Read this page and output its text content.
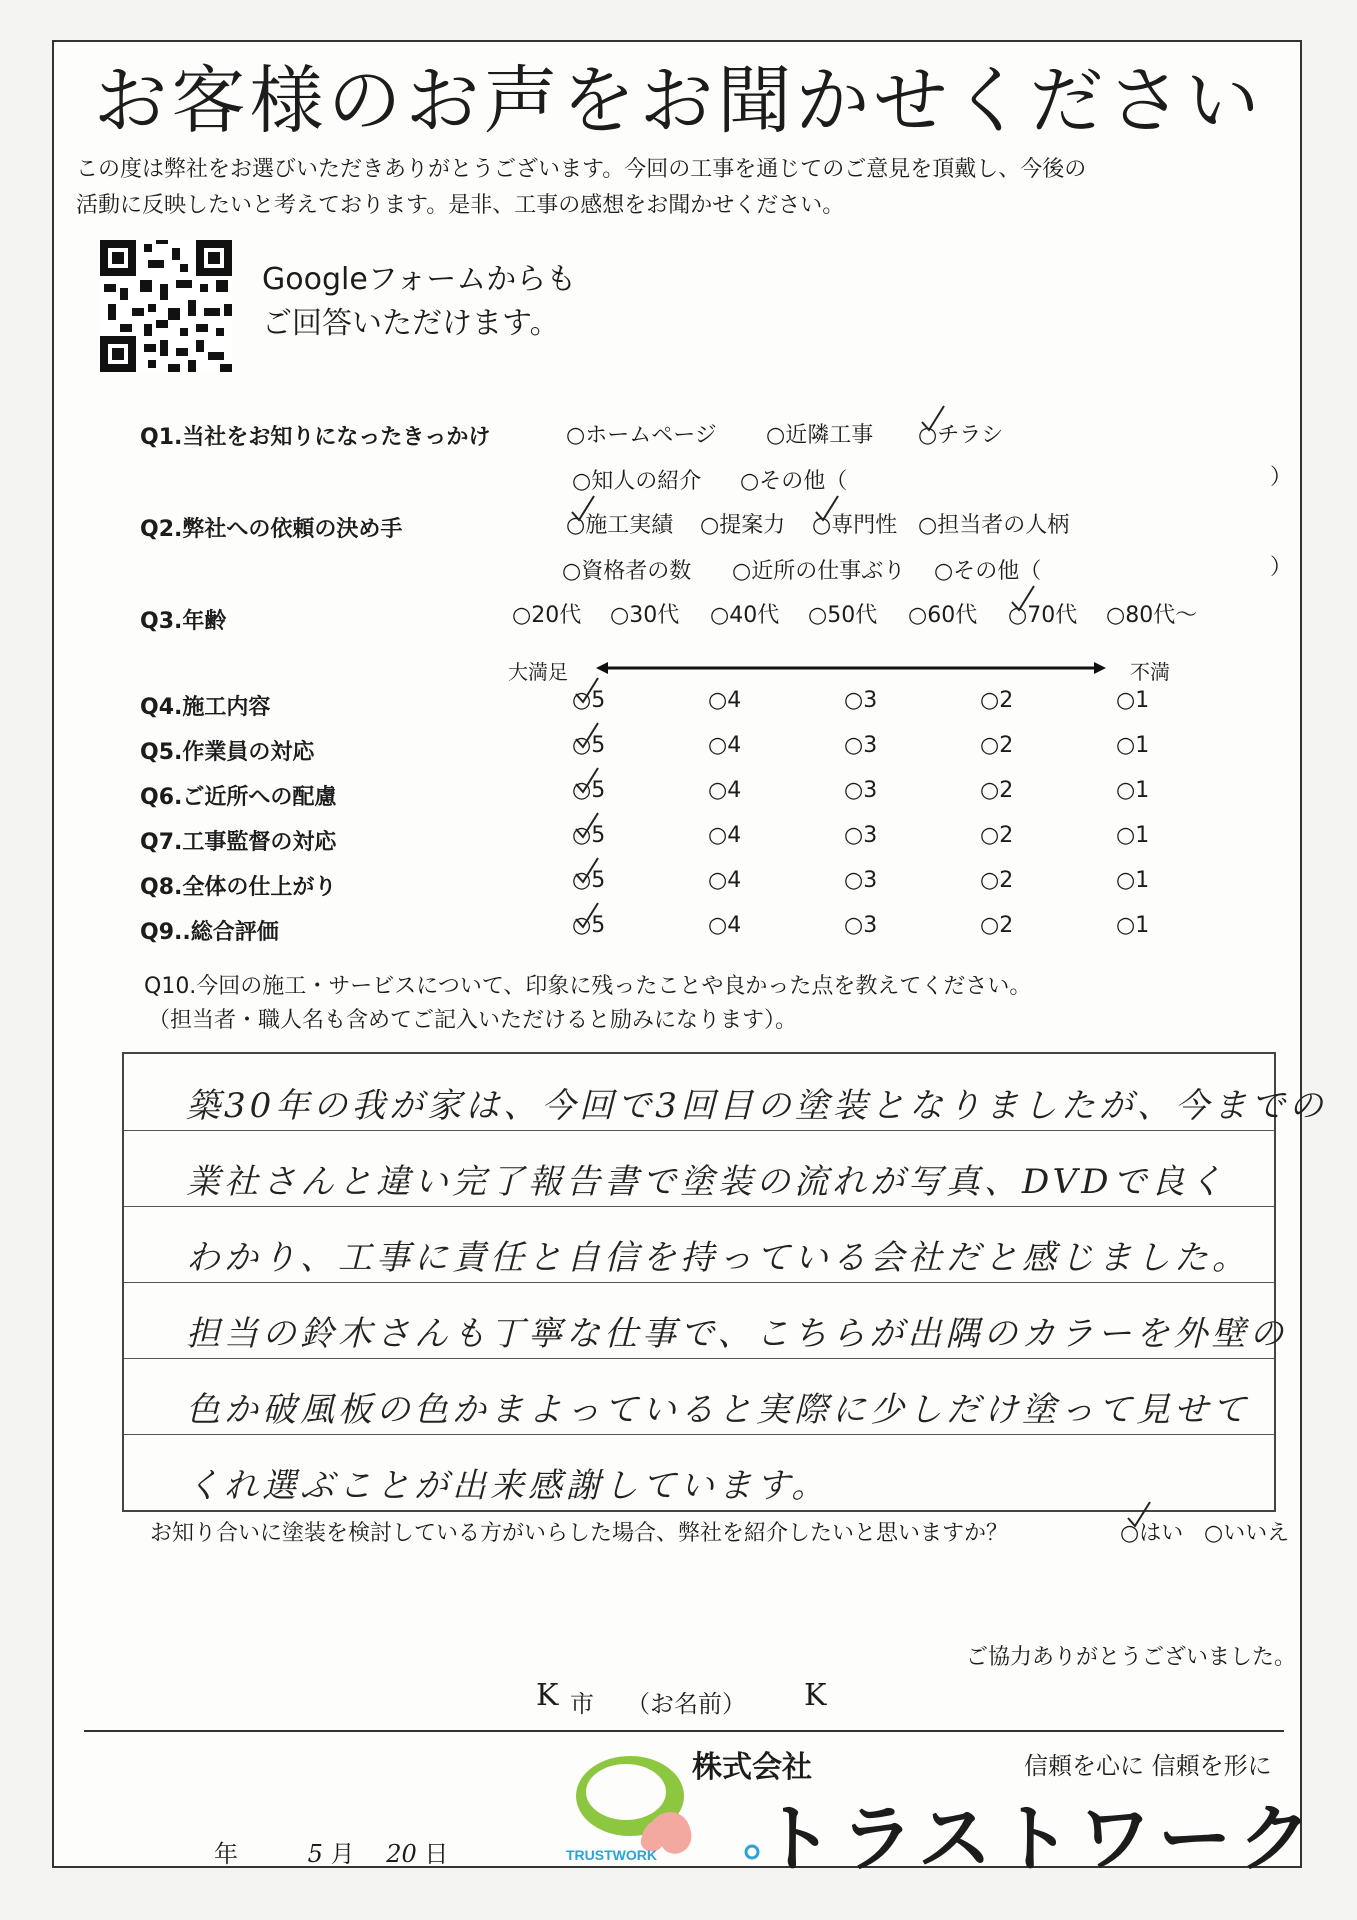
お客様のお声をお聞かせください
この度は弊社をお選びいただきありがとうございます。今回の工事を通じてのご意見を頂戴し、今後の
活動に反映したいと考えております。是非、工事の感想をお聞かせください。
Googleフォームからも
ご回答いただけます。
Q1.当社をお知りになったきっかけ	○ホームページ ○近隣工事 ○チラシ
○知人の紹介 ○その他（	）
Q2.弊社への依頼の決め手	○施工実績 ○提案力 ○専門性 ○担当者の人柄
○資格者の数 ○近所の仕事ぶり ○その他（	）
Q3.年齢	○20代 ○30代 ○40代 ○50代 ○60代 ○70代 ○80代～
大満足	不満
Q4.施工内容	○5	○4	○3	○2	○1
Q5.作業員の対応	○5	○4	○3	○2	○1
Q6.ご近所への配慮	○5	○4	○3	○2	○1
Q7.工事監督の対応	○5	○4	○3	○2	○1
Q8.全体の仕上がり	○5	○4	○3	○2	○1
Q9..総合評価	○5	○4	○3	○2	○1
Q10.今回の施工・サービスについて、印象に残ったことや良かった点を教えてください。
（担当者・職人名も含めてご記入いただけると励みになります）。
築30年の我が家は、今回で3回目の塗装となりましたが、今までの
業社さんと違い完了報告書で塗装の流れが写真、DVDで良く
わかり、工事に責任と自信を持っている会社だと感じました。
担当の鈴木さんも丁寧な仕事で、こちらが出隅のカラーを外壁の
色か破風板の色かまよっていると実際に少しだけ塗って見せて
くれ選ぶことが出来感謝しています。
お知り合いに塗装を検討している方がいらした場合、弊社を紹介したいと思いますか？	○はい ○いいえ
ご協力ありがとうございました。
K 市 （お名前） K
TRUSTWORK
株式会社	信頼を心に 信頼を形に
トラストワーク
年	5 月 20 日
